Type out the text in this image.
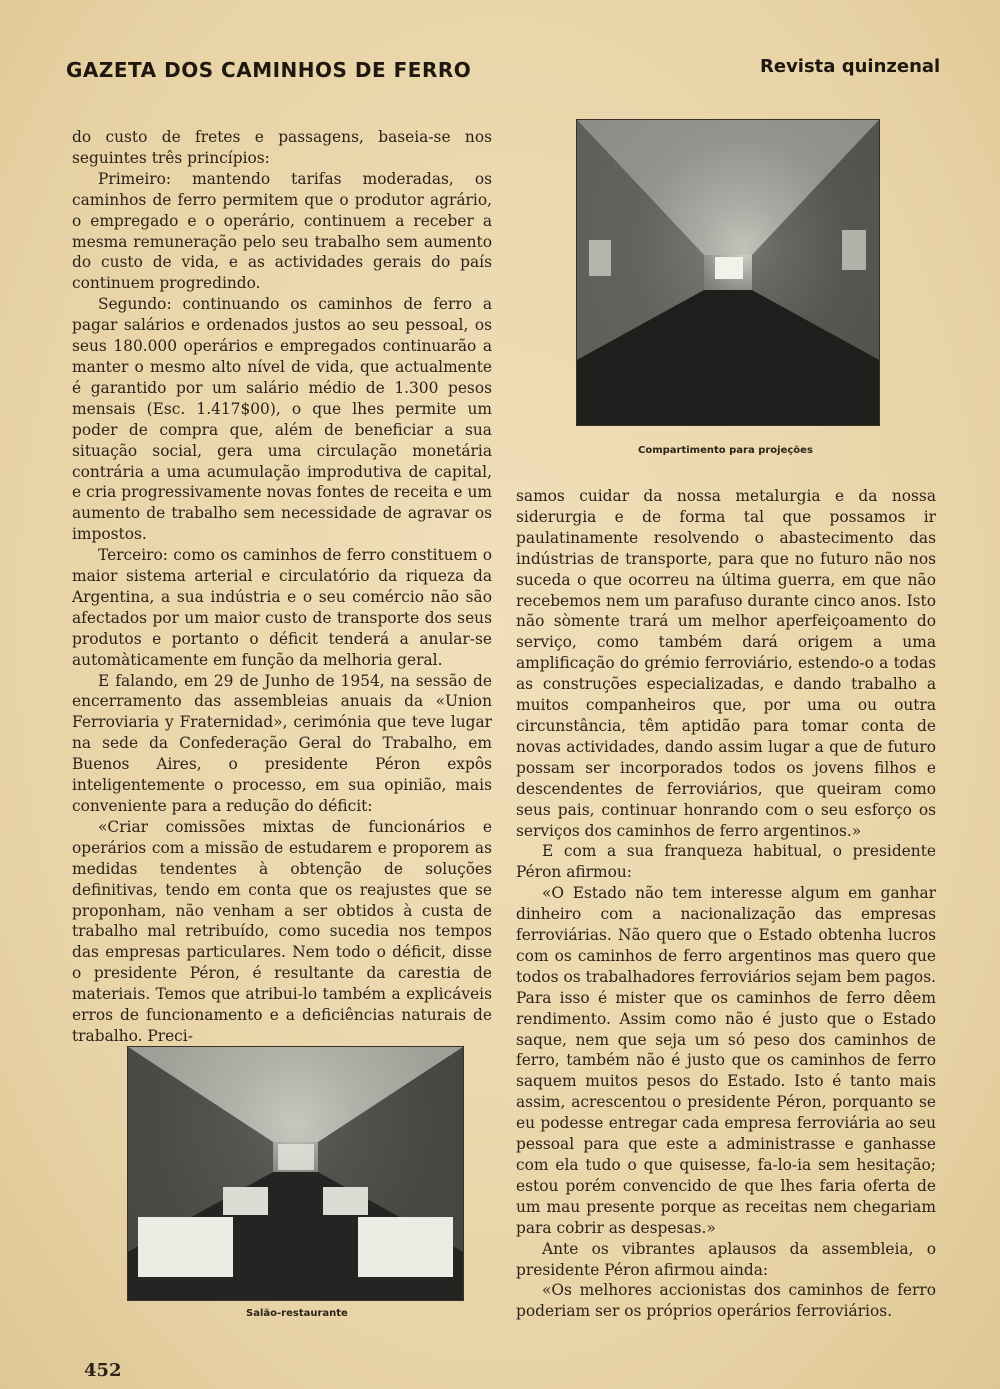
GAZETA DOS CAMINHOS DE FERRO	Revista quinzenal

do custo de fretes e passagens, baseia-se nos seguintes três princípios:

Primeiro: mantendo tarifas moderadas, os caminhos de ferro permitem que o produtor agrário, o empregado e o operário, continuem a receber a mesma remuneração pelo seu trabalho sem aumento do custo de vida, e as actividades gerais do país continuem progredindo.

Segundo: continuando os caminhos de ferro a pagar salários e ordenados justos ao seu pessoal, os seus 180.000 operários e empregados continuarão a manter o mesmo alto nível de vida, que actualmente é garantido por um salário médio de 1.300 pesos mensais (Esc. 1.417$00), o que lhes permite um poder de compra que, além de beneficiar a sua situação social, gera uma circulação monetária contrária a uma acumulação improdutiva de capital, e cria progressivamente novas fontes de receita e um aumento de trabalho sem necessidade de agravar os impostos.

Terceiro: como os caminhos de ferro constituem o maior sistema arterial e circulatório da riqueza da Argentina, a sua indústria e o seu comércio não são afectados por um maior custo de transporte dos seus produtos e portanto o déficit tenderá a anular-se automàticamente em função da melhoria geral.

E falando, em 29 de Junho de 1954, na sessão de encerramento das assembleias anuais da «Union Ferroviaria y Fraternidad», cerimónia que teve lugar na sede da Confederação Geral do Trabalho, em Buenos Aires, o presidente Péron expôs inteligentemente o processo, em sua opinião, mais conveniente para a redução do déficit:

«Criar comissões mixtas de funcionários e operários com a missão de estudarem e proporem as medidas tendentes à obtenção de soluções definitivas, tendo em conta que os reajustes que se proponham, não venham a ser obtidos à custa de trabalho mal retribuído, como sucedia nos tempos das empresas particulares. Nem todo o déficit, disse o presidente Péron, é resultante da carestia de materiais. Temos que atribui-lo também a explicáveis erros de funcionamento e a deficiências naturais de trabalho. Preci-

Compartimento para projeções

samos cuidar da nossa metalurgia e da nossa siderurgia e de forma tal que possamos ir paulatinamente resolvendo o abastecimento das indústrias de transporte, para que no futuro não nos suceda o que ocorreu na última guerra, em que não recebemos nem um parafuso durante cinco anos. Isto não sòmente trará um melhor aperfeiçoamento do serviço, como também dará origem a uma amplificação do grémio ferroviário, estendo-o a todas as construções especializadas, e dando trabalho a muitos companheiros que, por uma ou outra circunstância, têm aptidão para tomar conta de novas actividades, dando assim lugar a que de futuro possam ser incorporados todos os jovens filhos e descendentes de ferroviários, que queiram como seus pais, continuar honrando com o seu esforço os serviços dos caminhos de ferro argentinos.»

E com a sua franqueza habitual, o presidente Péron afirmou:

«O Estado não tem interesse algum em ganhar dinheiro com a nacionalização das empresas ferroviárias. Não quero que o Estado obtenha lucros com os caminhos de ferro argentinos mas quero que todos os trabalhadores ferroviários sejam bem pagos. Para isso é mister que os caminhos de ferro dêem rendimento. Assim como não é justo que o Estado saque, nem que seja um só peso dos caminhos de ferro, também não é justo que os caminhos de ferro saquem muitos pesos do Estado. Isto é tanto mais assim, acrescentou o presidente Péron, porquanto se eu podesse entregar cada empresa ferroviária ao seu pessoal para que este a administrasse e ganhasse com ela tudo o que quisesse, fa-lo-ia sem hesitação; estou porém convencido de que lhes faria oferta de um mau presente porque as receitas nem chegariam para cobrir as despesas.»

Ante os vibrantes aplausos da assembleia, o presidente Péron afirmou ainda:

«Os melhores accionistas dos caminhos de ferro poderiam ser os próprios operários ferroviários.

Salão-restaurante
452
